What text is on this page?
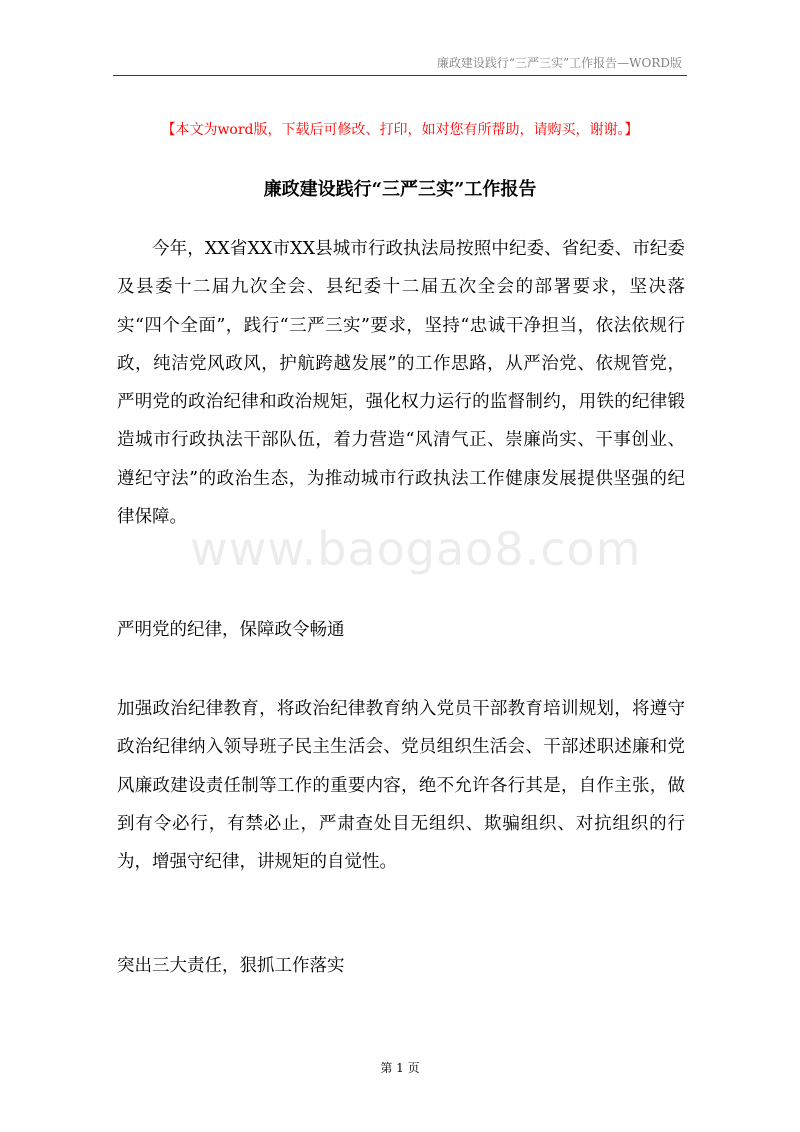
廉政建设践行“三严三实”工作报告—WORD版
【本文为word版，下载后可修改、打印，如对您有所帮助，请购买，谢谢。】
廉政建设践行“三严三实”工作报告

今年，XX省XX市XX县城市行政执法局按照中纪委、省纪委、市纪委及县委十二届九次全会、县纪委十二届五次全会的部署要求，坚决落实“四个全面”，践行“三严三实”要求，坚持“忠诚干净担当，依法依规行政，纯洁党风政风，护航跨越发展”的工作思路，从严治党、依规管党，严明党的政治纪律和政治规矩，强化权力运行的监督制约，用铁的纪律锻造城市行政执法干部队伍，着力营造“风清气正、崇廉尚实、干事创业、遵纪守法”的政治生态，为推动城市行政执法工作健康发展提供坚强的纪律保障。

www.baogao8.com

严明党的纪律，保障政令畅通

加强政治纪律教育，将政治纪律教育纳入党员干部教育培训规划，将遵守政治纪律纳入领导班子民主生活会、党员组织生活会、干部述职述廉和党风廉政建设责任制等工作的重要内容，绝不允许各行其是，自作主张，做到有令必行，有禁必止，严肃查处目无组织、欺骗组织、对抗组织的行为，增强守纪律，讲规矩的自觉性。

突出三大责任，狠抓工作落实

第 1 页
